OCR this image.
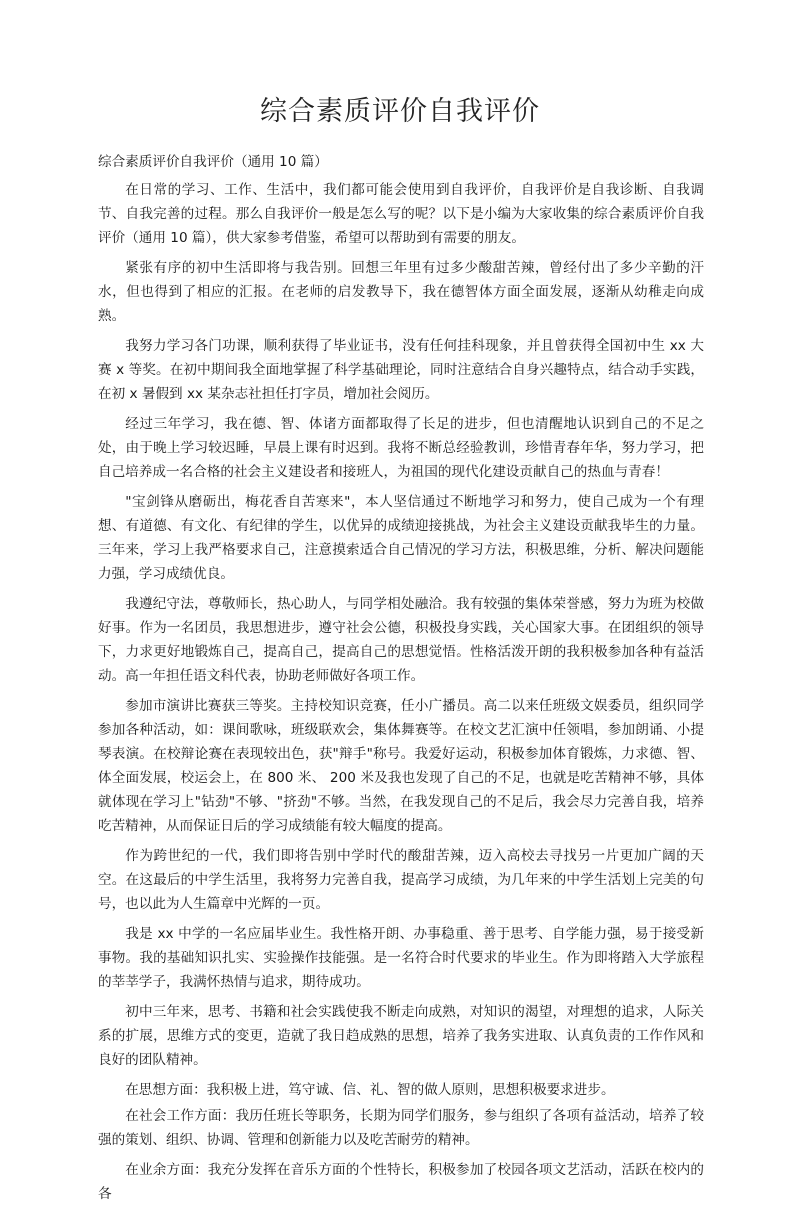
综合素质评价自我评价

综合素质评价自我评价（通用 10 篇）

在日常的学习、工作、生活中，我们都可能会使用到自我评价，自我评价是自我诊断、自我调节、自我完善的过程。那么自我评价一般是怎么写的呢？以下是小编为大家收集的综合素质评价自我评价（通用 10 篇），供大家参考借鉴，希望可以帮助到有需要的朋友。

紧张有序的初中生活即将与我告别。回想三年里有过多少酸甜苦辣，曾经付出了多少辛勤的汗水，但也得到了相应的汇报。在老师的启发教导下，我在德智体方面全面发展，逐渐从幼稚走向成熟。

我努力学习各门功课，顺利获得了毕业证书，没有任何挂科现象，并且曾获得全国初中生 xx 大赛 x 等奖。在初中期间我全面地掌握了科学基础理论，同时注意结合自身兴趣特点，结合动手实践，在初 x 暑假到 xx 某杂志社担任打字员，增加社会阅历。

经过三年学习，我在德、智、体诸方面都取得了长足的进步，但也清醒地认识到自己的不足之处，由于晚上学习较迟睡，早晨上课有时迟到。我将不断总经验教训，珍惜青春年华，努力学习，把自己培养成一名合格的社会主义建设者和接班人，为祖国的现代化建设贡献自己的热血与青春！

"宝剑锋从磨砺出，梅花香自苦寒来"，本人坚信通过不断地学习和努力，使自己成为一个有理想、有道德、有文化、有纪律的学生，以优异的成绩迎接挑战，为社会主义建设贡献我毕生的力量。三年来，学习上我严格要求自己，注意摸索适合自己情况的学习方法，积极思维，分析、解决问题能力强，学习成绩优良。

我遵纪守法，尊敬师长，热心助人，与同学相处融洽。我有较强的集体荣誉感，努力为班为校做好事。作为一名团员，我思想进步，遵守社会公德，积极投身实践，关心国家大事。在团组织的领导下，力求更好地锻炼自己，提高自己，提高自己的思想觉悟。性格活泼开朗的我积极参加各种有益活动。高一年担任语文科代表，协助老师做好各项工作。

参加市演讲比赛获三等奖。主持校知识竞赛，任小广播员。高二以来任班级文娱委员，组织同学参加各种活动，如：课间歌咏，班级联欢会，集体舞赛等。在校文艺汇演中任领唱，参加朗诵、小提琴表演。在校辩论赛在表现较出色，获"辩手"称号。我爱好运动，积极参加体育锻炼，力求德、智、体全面发展，校运会上，在 800 米、 200 米及我也发现了自己的不足，也就是吃苦精神不够，具体就体现在学习上"钻劲"不够、"挤劲"不够。当然，在我发现自己的不足后，我会尽力完善自我，培养吃苦精神，从而保证日后的学习成绩能有较大幅度的提高。

作为跨世纪的一代，我们即将告别中学时代的酸甜苦辣，迈入高校去寻找另一片更加广阔的天空。在这最后的中学生活里，我将努力完善自我，提高学习成绩，为几年来的中学生活划上完美的句号，也以此为人生篇章中光辉的一页。

我是 xx 中学的一名应届毕业生。我性格开朗、办事稳重、善于思考、自学能力强，易于接受新事物。我的基础知识扎实、实验操作技能强。是一名符合时代要求的毕业生。作为即将踏入大学旅程的莘莘学子，我满怀热情与追求，期待成功。

初中三年来，思考、书籍和社会实践使我不断走向成熟，对知识的渴望，对理想的追求，人际关系的扩展，思维方式的变更，造就了我日趋成熟的思想，培养了我务实进取、认真负责的工作作风和良好的团队精神。

在思想方面：我积极上进，笃守诚、信、礼、智的做人原则，思想积极要求进步。

在社会工作方面：我历任班长等职务，长期为同学们服务，参与组织了各项有益活动，培养了较强的策划、组织、协调、管理和创新能力以及吃苦耐劳的精神。

在业余方面：我充分发挥在音乐方面的个性特长，积极参加了校园各项文艺活动，活跃在校内的各
